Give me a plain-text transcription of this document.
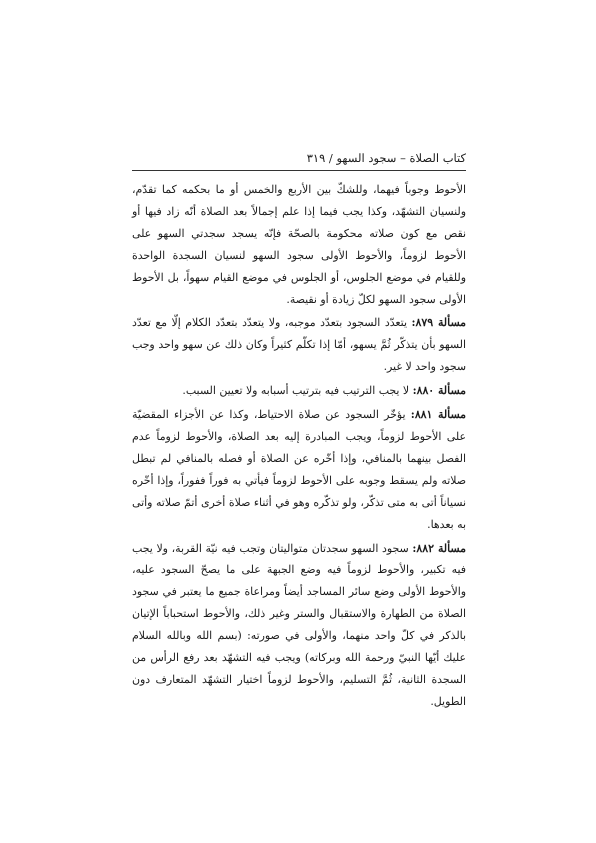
كتاب الصلاة – سجود السهو / ٣١٩

الأحوط وجوباً فيهما، وللشكّ بين الأربع والخمس أو ما بحكمه كما تقدّم، ولنسيان التشهّد، وكذا يجب فيما إذا علم إجمالاً بعد الصلاة أنّه زاد فيها أو نقص مع كون صلاته محكومة بالصحّة فإنّه يسجد سجدتي السهو على الأحوط لزوماً، والأحوط الأولى سجود السهو لنسيان السجدة الواحدة وللقيام في موضع الجلوس، أو الجلوس في موضع القيام سهواً، بل الأحوط الأولى سجود السهو لكلّ زيادة أو نقيصة.

مسألة ٨٧٩: يتعدّد السجود بتعدّد موجبه، ولا يتعدّد بتعدّد الكلام إلّا مع تعدّد السهو بأن يتذكّر ثُمَّ يسهو، أمّا إذا تكلّم كثيراً وكان ذلك عن سهو واحد وجب سجود واحد لا غير.

مسألة ٨٨٠: لا يجب الترتيب فيه بترتيب أسبابه ولا تعيين السبب.

مسألة ٨٨١: يؤخّر السجود عن صلاة الاحتياط، وكذا عن الأجزاء المقضيّة على الأحوط لزوماً، ويجب المبادرة إليه بعد الصلاة، والأحوط لزوماً عدم الفصل بينهما بالمنافي، وإذا أخّره عن الصلاة أو فصله بالمنافي لم تبطل صلاته ولم يسقط وجوبه على الأحوط لزوماً فيأتي به فوراً ففوراً، وإذا أخّره نسياناً أتى به متى تذكّر، ولو تذكّره وهو في أثناء صلاة أخرى أتمّ صلاته وأتى به بعدها.

مسألة ٨٨٢: سجود السهو سجدتان متواليتان وتجب فيه نيّة القربة، ولا يجب فيه تكبير، والأحوط لزوماً فيه وضع الجبهة على ما يصحّ السجود عليه، والأحوط الأولى وضع سائر المساجد أيضاً ومراعاة جميع ما يعتبر في سجود الصلاة من الطهارة والاستقبال والستر وغير ذلك، والأحوط استحباباً الإتيان بالذكر في كلّ واحد منهما، والأولى في صورته: (بسم الله وبالله السلام عليك أيّها النبيّ ورحمة الله وبركاته) ويجب فيه التشهّد بعد رفع الرأس من السجدة الثانية، ثُمَّ التسليم، والأحوط لزوماً اختيار التشهّد المتعارف دون الطويل.
